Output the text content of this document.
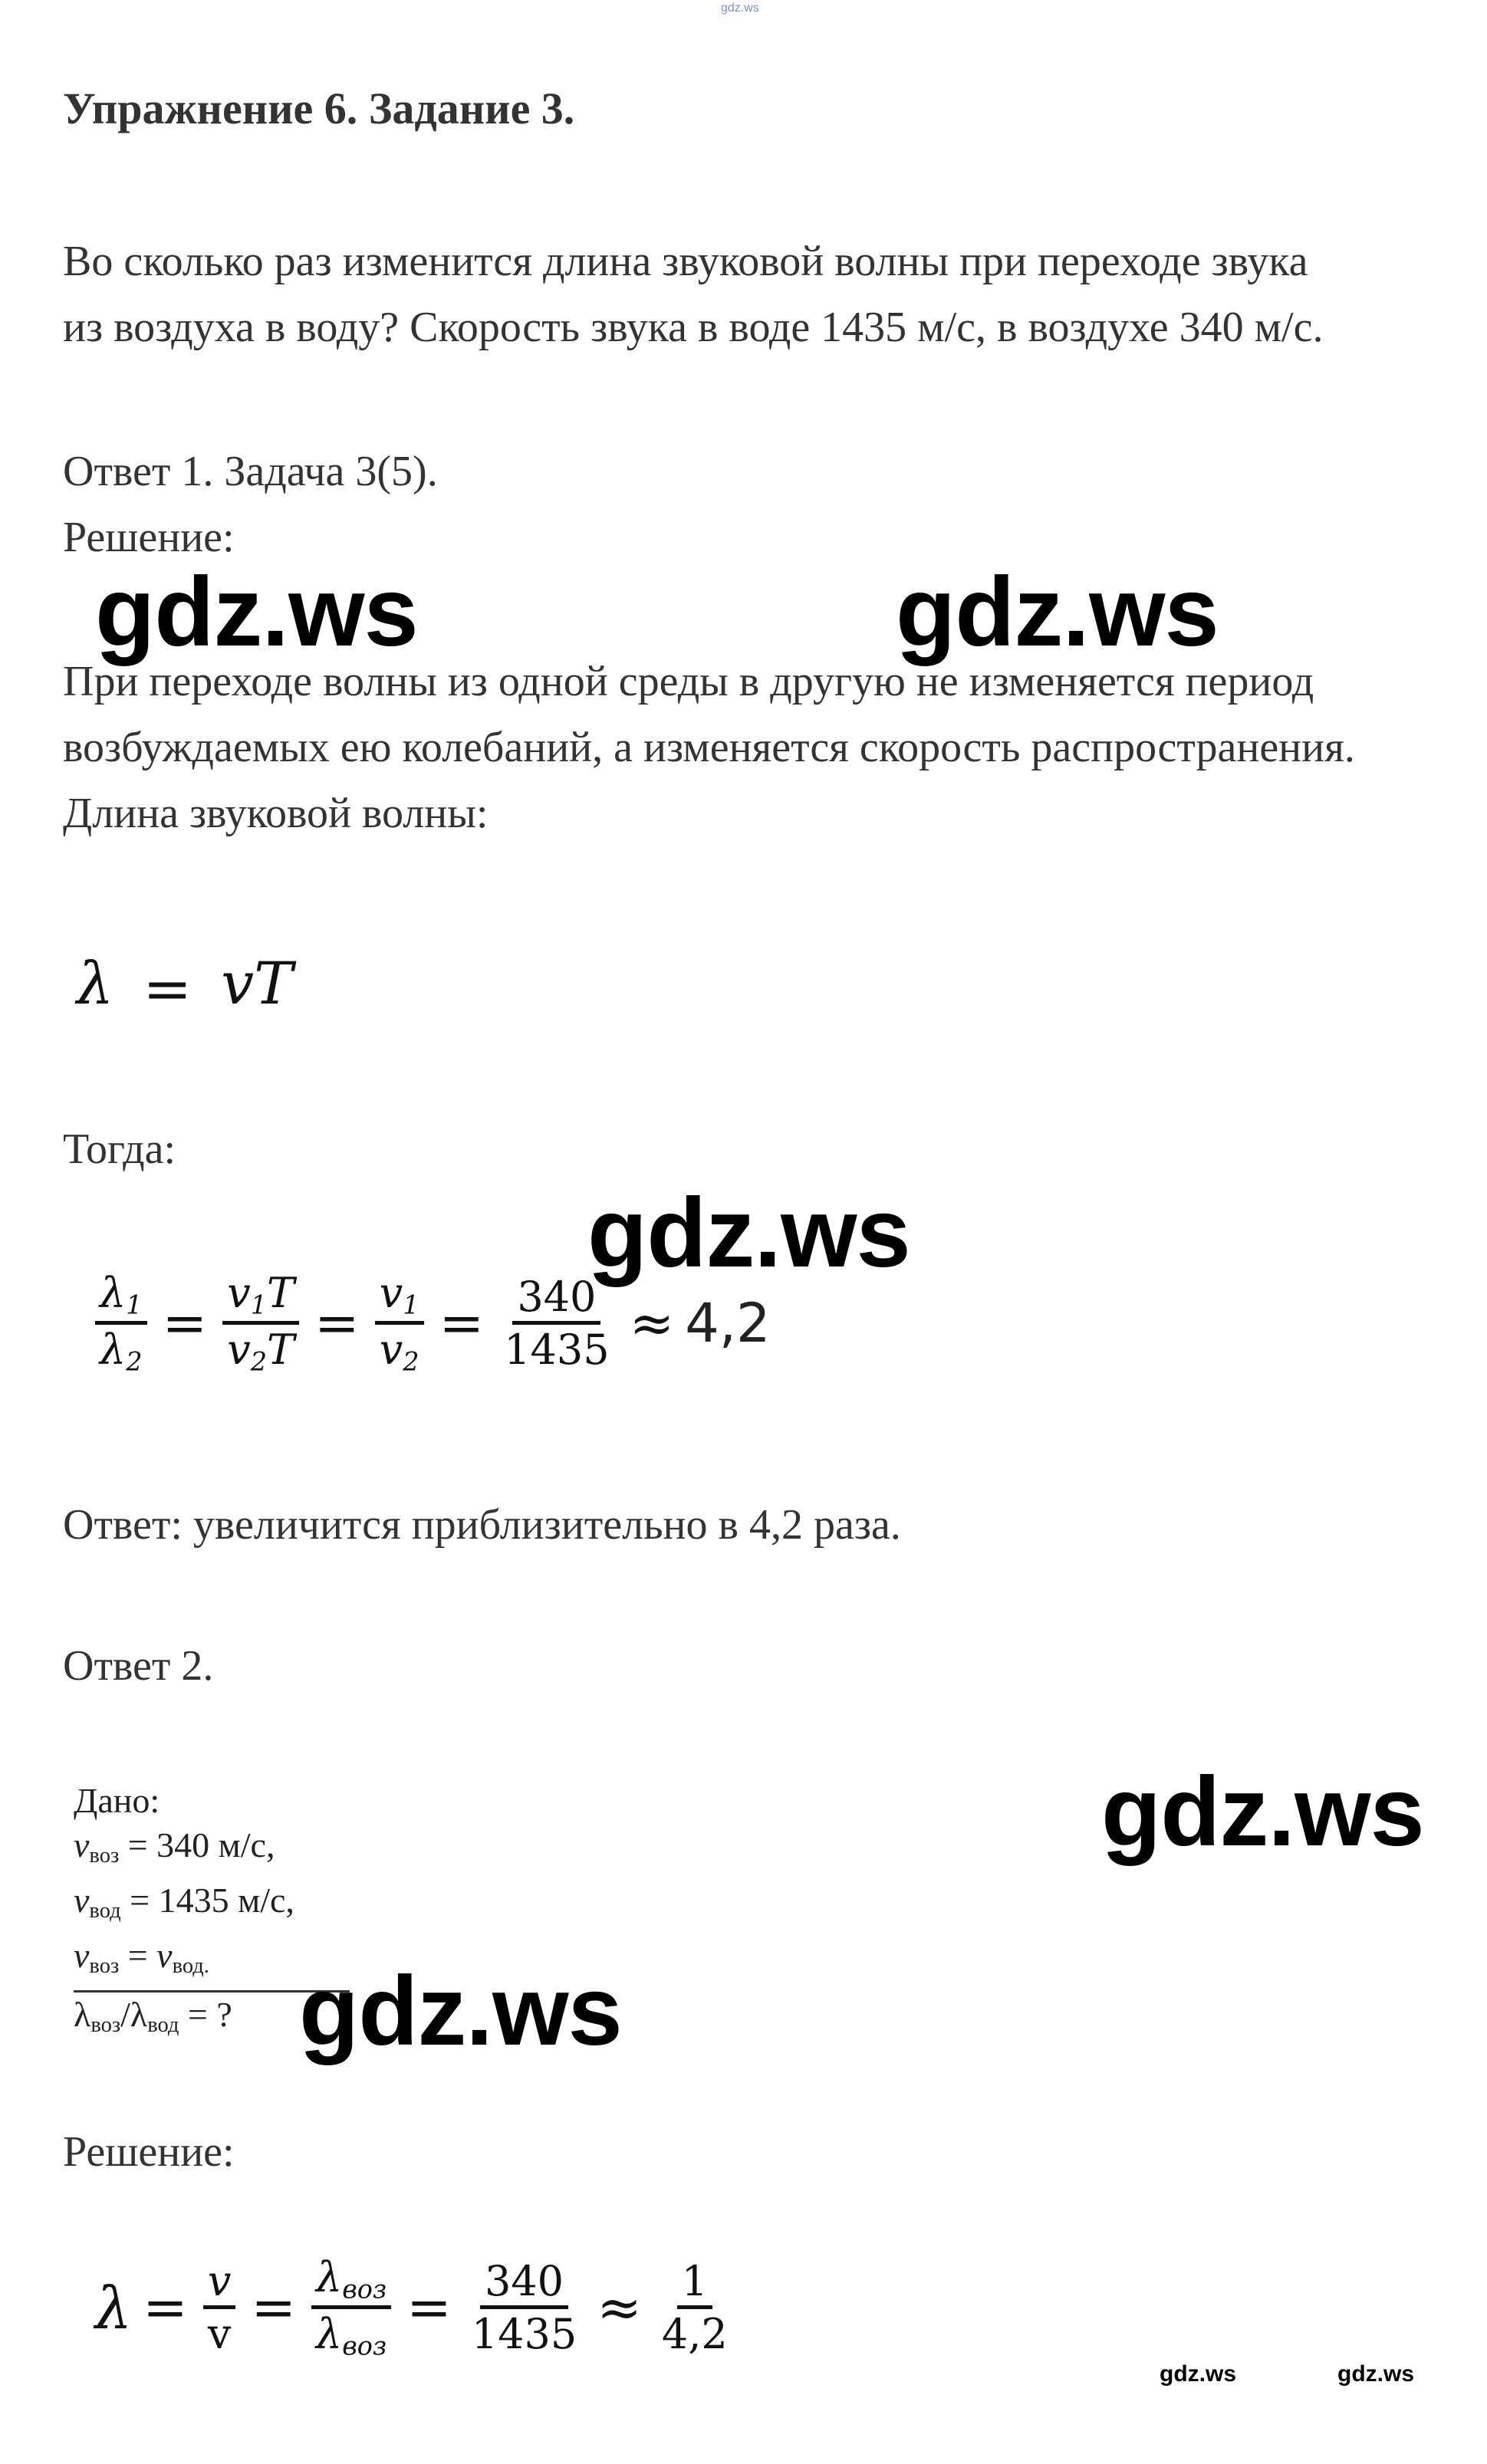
gdz.ws
Упражнение 6. Задание 3.
Во сколько раз изменится длина звуковой волны при переходе звука
из воздуха в воду? Скорость звука в воде 1435 м/с, в воздухе 340 м/с.
Ответ 1. Задача 3(5).
Решение:
gdz.ws	gdz.ws
При переходе волны из одной среды в другую не изменяется период
возбуждаемых ею колебаний, а изменяется скорость распространения.
Длина звуковой волны:
λ = vT
Тогда:
gdz.ws
$\frac{\lambda_1}{\lambda_2} = \frac{v_1T}{v_2T} = \frac{v_1}{v_2} = \frac{340}{1435} \approx 4,2$
Ответ: увеличится приблизительно в 4,2 раза.
Ответ 2.
gdz.ws
Дано:
$v_{воз} = 340$ м/с,
$v_{вод} = 1435$ м/с,
$v_{воз} = v_{вод.}$
$\lambda_{воз}/\lambda_{вод}$ = ? gdz.ws
Решение:
$\lambda = \frac{v}{v} = \frac{\lambda_{воз}}{\lambda_{воз}} = \frac{340}{1435} \approx \frac{1}{4,2}$
gdz.ws	gdz.ws
